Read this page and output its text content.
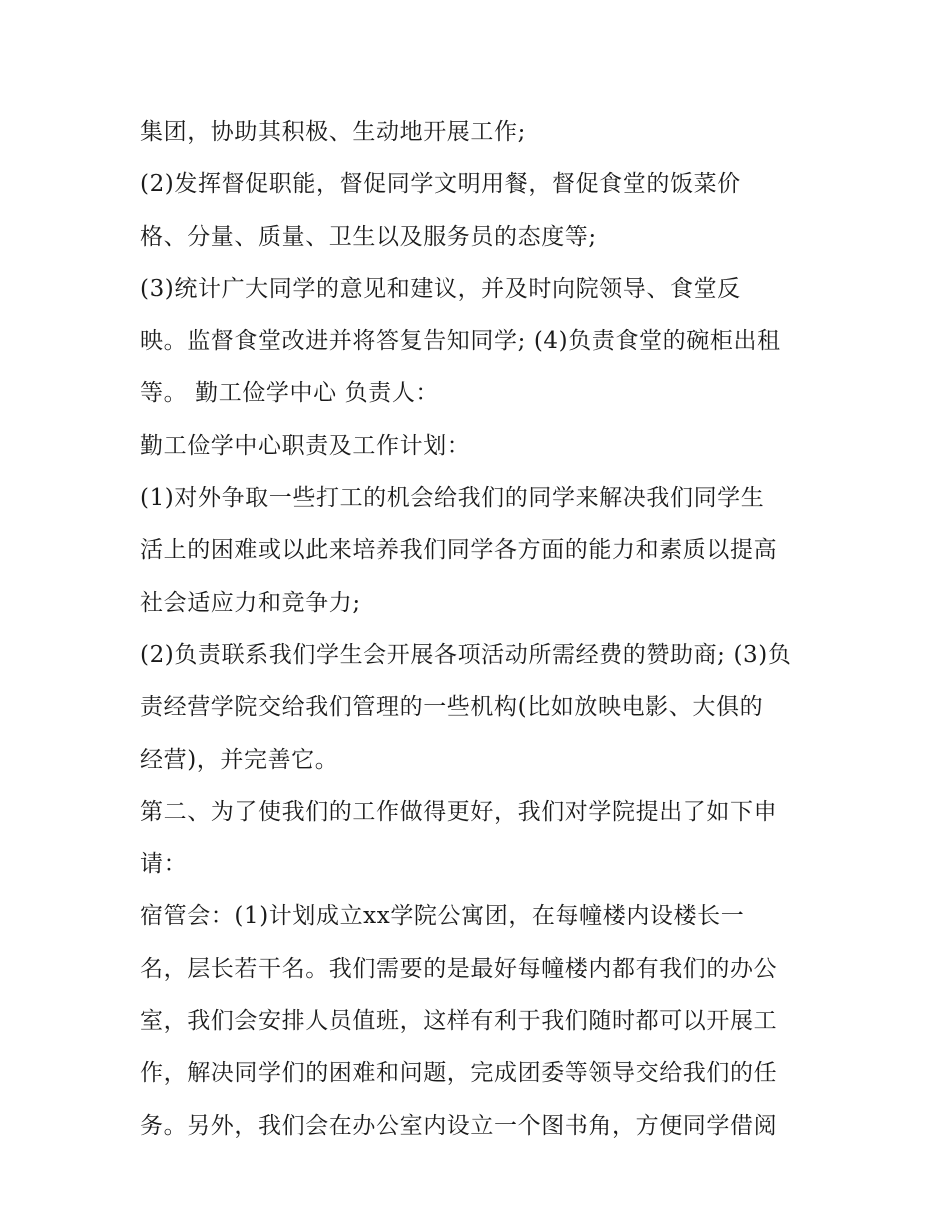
集团，协助其积极、生动地开展工作;
(2)发挥督促职能，督促同学文明用餐，督促食堂的饭菜价
格、分量、质量、卫生以及服务员的态度等;
(3)统计广大同学的意见和建议，并及时向院领导、食堂反
映。监督食堂改进并将答复告知同学; (4)负责食堂的碗柜出租
等。 勤工俭学中心 负责人：
勤工俭学中心职责及工作计划：
(1)对外争取一些打工的机会给我们的同学来解决我们同学生
活上的困难或以此来培养我们同学各方面的能力和素质以提高
社会适应力和竞争力;
(2)负责联系我们学生会开展各项活动所需经费的赞助商; (3)负
责经营学院交给我们管理的一些机构(比如放映电影、大俱的
经营)，并完善它。
第二、为了使我们的工作做得更好，我们对学院提出了如下申
请：
宿管会：(1)计划成立xx学院公寓团，在每幢楼内设楼长一
名，层长若干名。我们需要的是最好每幢楼内都有我们的办公
室，我们会安排人员值班，这样有利于我们随时都可以开展工
作，解决同学们的困难和问题，完成团委等领导交给我们的任
务。另外，我们会在办公室内设立一个图书角，方便同学借阅
